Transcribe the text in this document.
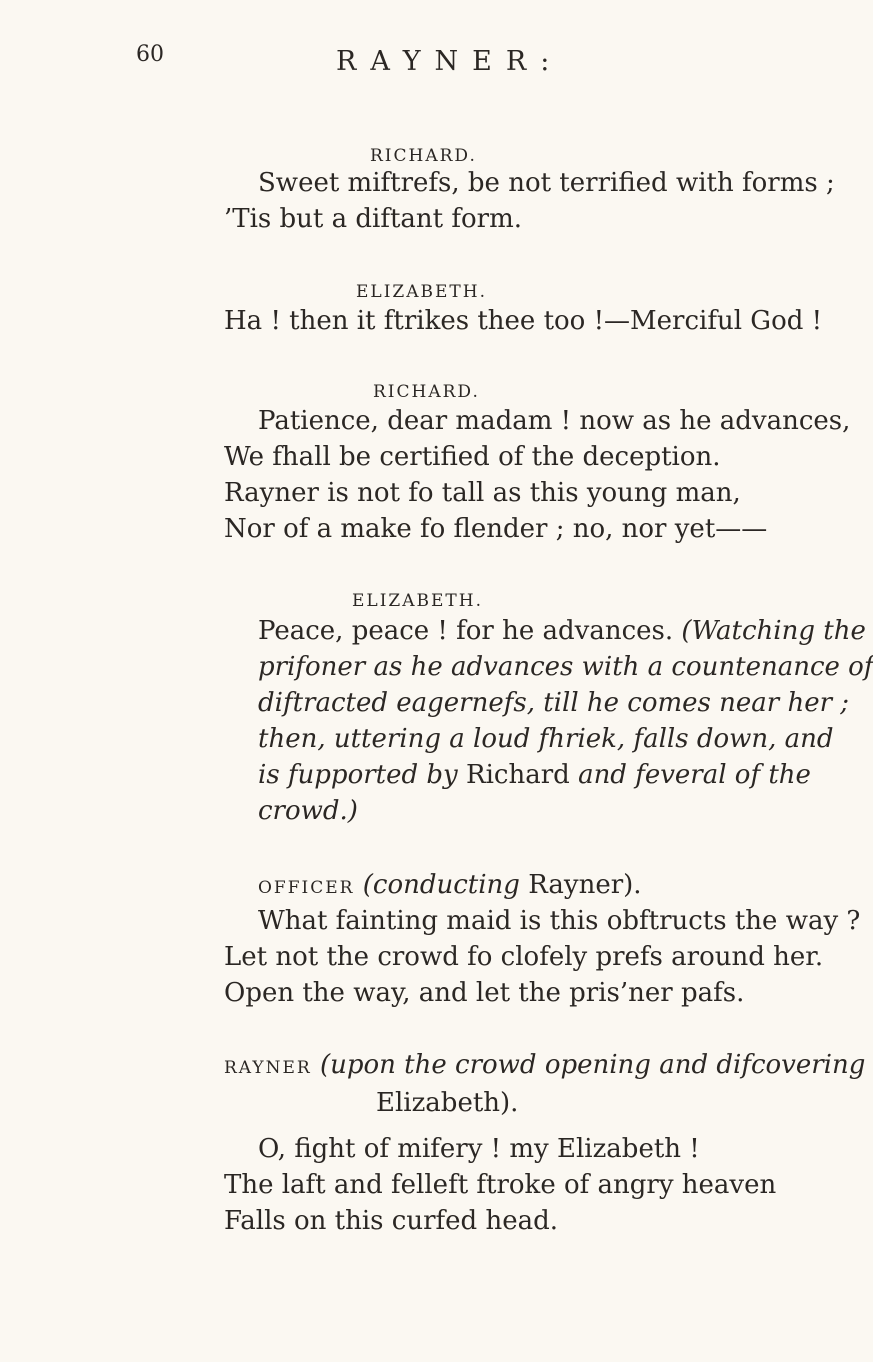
60	RAYNER:
RICHARD.
Sweet miftrefs, be not terrified with forms ;
’Tis but a diftant form.
ELIZABETH.
Ha ! then it ftrikes thee too !—Merciful God !
RICHARD.
Patience, dear madam ! now as he advances,
We fhall be certified of the deception.
Rayner is not fo tall as this young man,
Nor of a make fo flender ; no, nor yet——
ELIZABETH.
Peace, peace ! for he advances. (Watching the
prifoner as he advances with a countenance of
diftracted eagernefs, till he comes near her ;
then, uttering a loud fhriek, falls down, and
is fupported by Richard and feveral of the
crowd.)
OFFICER (conducting Rayner).
What fainting maid is this obftructs the way ?
Let not the crowd fo clofely prefs around her.
Open the way, and let the pris’ner pafs.
RAYNER (upon the crowd opening and difcovering
Elizabeth).
O, fight of mifery ! my Elizabeth !
The laft and felleft ftroke of angry heaven
Falls on this curfed head.
